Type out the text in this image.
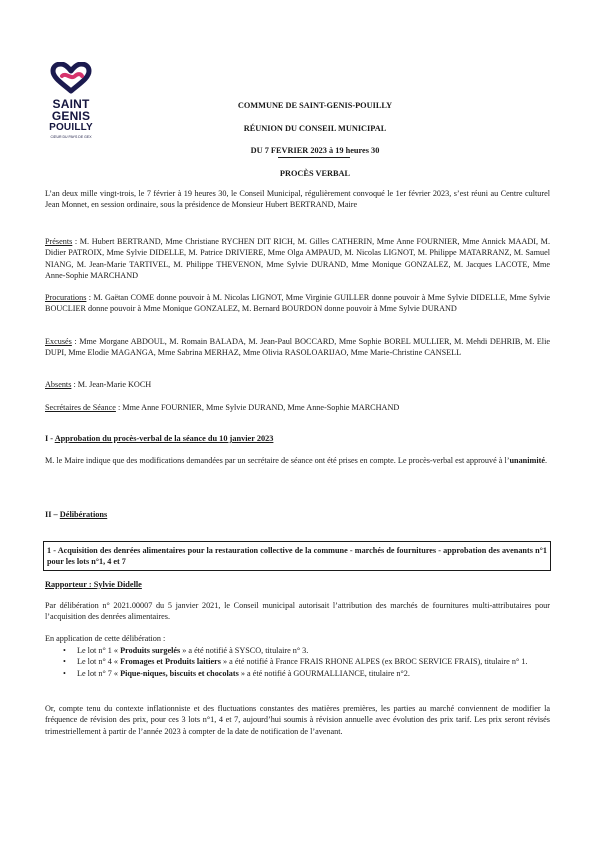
SAINT
GENIS
POUILLY
CŒUR DU PAYS DE GEX
COMMUNE DE SAINT-GENIS-POUILLY
RÉUNION DU CONSEIL MUNICIPAL
DU 7 FEVRIER 2023 à 19 heures 30
PROCÈS VERBAL
L’an deux mille vingt-trois, le 7 février à 19 heures 30, le Conseil Municipal, régulièrement convoqué le 1er février 2023, s’est réuni au Centre culturel Jean Monnet, en session ordinaire, sous la présidence de Monsieur Hubert BERTRAND, Maire
Présents : M. Hubert BERTRAND, Mme Christiane RYCHEN DIT RICH, M. Gilles CATHERIN, Mme Anne FOURNIER, Mme Annick MAADI, M. Didier PATROIX, Mme Sylvie DIDELLE, M. Patrice DRIVIERE, Mme Olga AMPAUD, M. Nicolas LIGNOT, M. Philippe MATARRANZ, M. Samuel NIANG, M. Jean-Marie TARTIVEL, M. Philippe THEVENON, Mme Sylvie DURAND, Mme Monique GONZALEZ, M. Jacques LACOTE, Mme Anne-Sophie MARCHAND
Procurations : M. Gaëtan COME donne pouvoir à M. Nicolas LIGNOT, Mme Virginie GUILLER donne pouvoir à Mme Sylvie DIDELLE, Mme Sylvie BOUCLIER donne pouvoir à Mme Monique GONZALEZ, M. Bernard BOURDON donne pouvoir à Mme Sylvie DURAND
Excusés : Mme Morgane ABDOUL, M. Romain BALADA, M. Jean-Paul BOCCARD, Mme Sophie BOREL MULLIER, M. Mehdi DEHRIB, M. Elie DUPI, Mme Elodie MAGANGA, Mme Sabrina MERHAZ, Mme Olivia RASOLOARIJAO, Mme Marie-Christine CANSELL
Absents : M. Jean-Marie KOCH
Secrétaires de Séance : Mme Anne FOURNIER, Mme Sylvie DURAND, Mme Anne-Sophie MARCHAND
I - Approbation du procès-verbal de la séance du 10 janvier 2023
M. le Maire indique que des modifications demandées par un secrétaire de séance ont été prises en compte. Le procès-verbal est approuvé à l’unanimité.
II – Délibérations
1 - Acquisition des denrées alimentaires pour la restauration collective de la commune - marchés de fournitures - approbation des avenants n°1 pour les lots n°1, 4 et 7
Rapporteur : Sylvie Didelle
Par délibération n° 2021.00007 du 5 janvier 2021, le Conseil municipal autorisait l’attribution des marchés de fournitures multi-attributaires pour l’acquisition des denrées alimentaires.
En application de cette délibération :
• Le lot n° 1 « Produits surgelés » a été notifié à SYSCO, titulaire n° 3.
• Le lot n° 4 « Fromages et Produits laitiers » a été notifié à France FRAIS RHONE ALPES (ex BROC SERVICE FRAIS), titulaire n° 1.
• Le lot n° 7 « Pique-niques, biscuits et chocolats » a été notifié à GOURMALLIANCE, titulaire n°2.
Or, compte tenu du contexte inflationniste et des fluctuations constantes des matières premières, les parties au marché conviennent de modifier la fréquence de révision des prix, pour ces 3 lots n°1, 4 et 7, aujourd’hui soumis à révision annuelle avec évolution des prix tarif. Les prix seront révisés trimestriellement à partir de l’année 2023 à compter de la date de notification de l’avenant.
